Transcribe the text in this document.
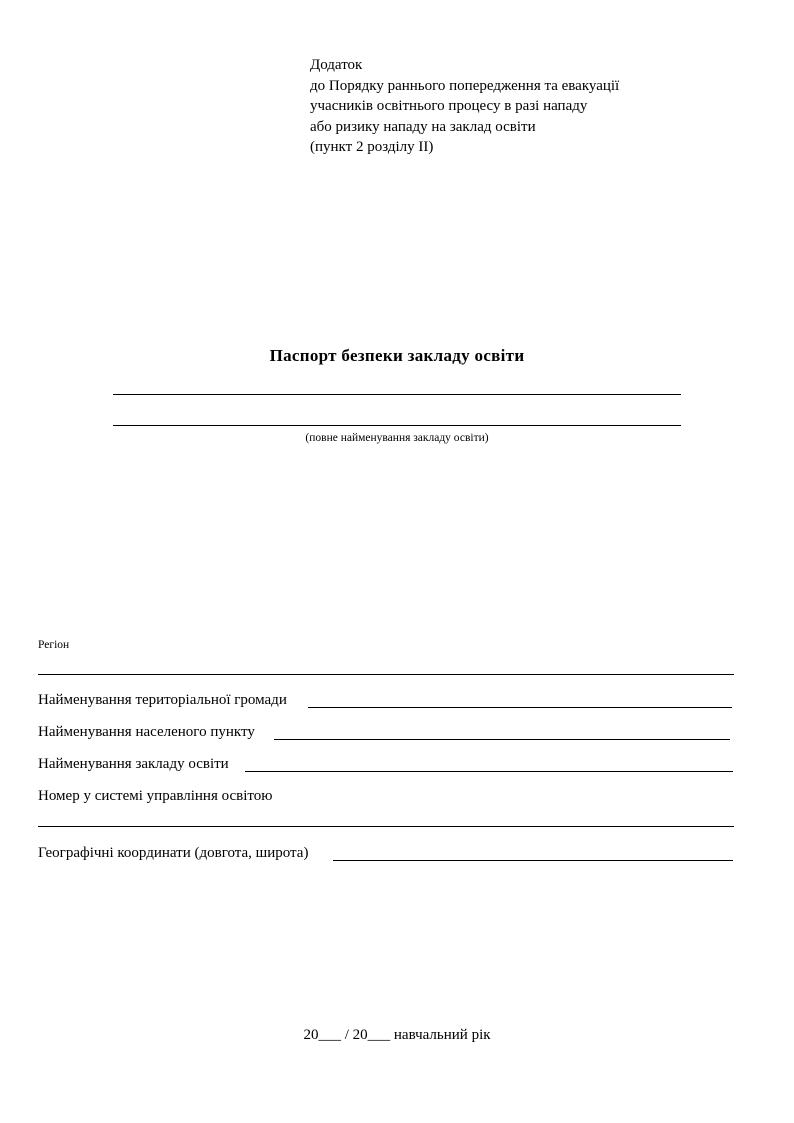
Додаток
до Порядку раннього попередження та евакуації
учасників освітнього процесу в разі нападу
або ризику нападу на заклад освіти
(пункт 2 розділу ІІ)
Паспорт безпеки закладу освіти
(повне найменування закладу освіти)
Регіон
Найменування територіальної громади
Найменування населеного пункту
Найменування закладу освіти
Номер у системі управління освітою
Географічні координати (довгота, широта)
20___ / 20___ навчальний рік
